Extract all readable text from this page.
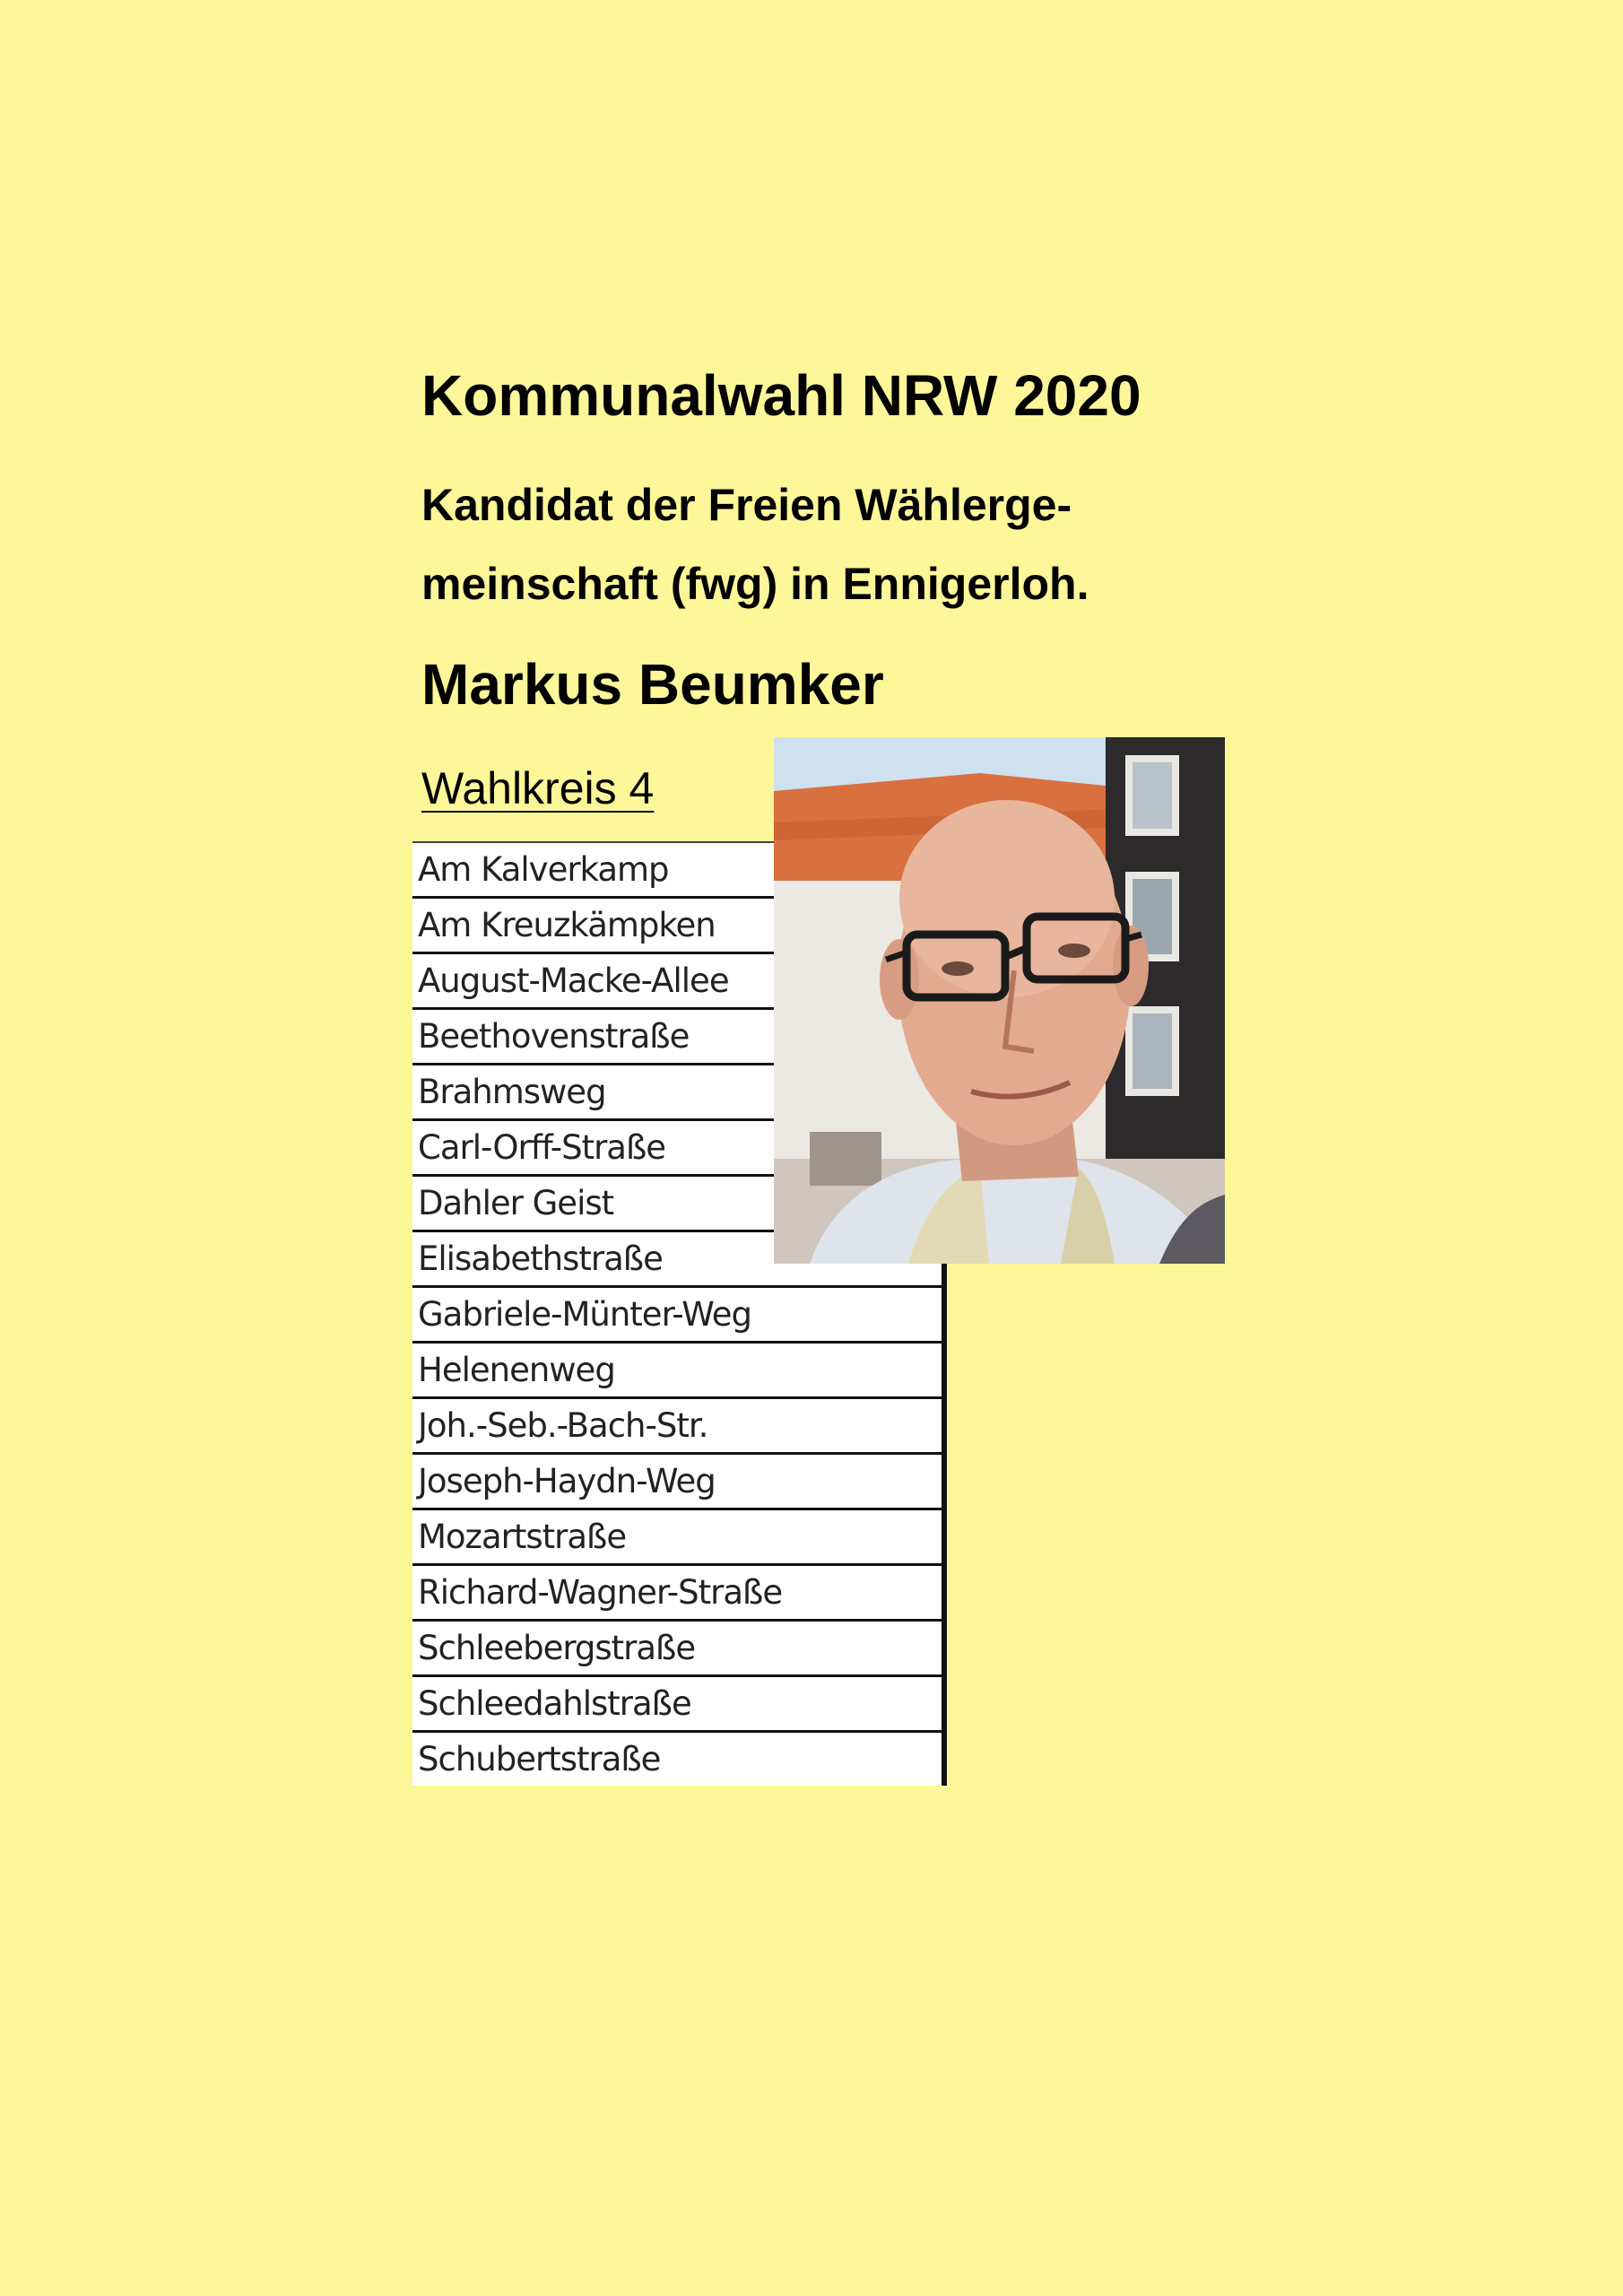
Kommunalwahl NRW 2020
Kandidat der Freien Wählerge-
meinschaft (fwg) in Ennigerloh.
Markus Beumker
Wahlkreis 4
Am Kalverkamp
Am Kreuzkämpken
August-Macke-Allee
Beethovenstraße
Brahmsweg
Carl-Orff-Straße
Dahler Geist
Elisabethstraße
Gabriele-Münter-Weg
Helenenweg
Joh.-Seb.-Bach-Str.
Joseph-Haydn-Weg
Mozartstraße
Richard-Wagner-Straße
Schleebergstraße
Schleedahlstraße
Schubertstraße
